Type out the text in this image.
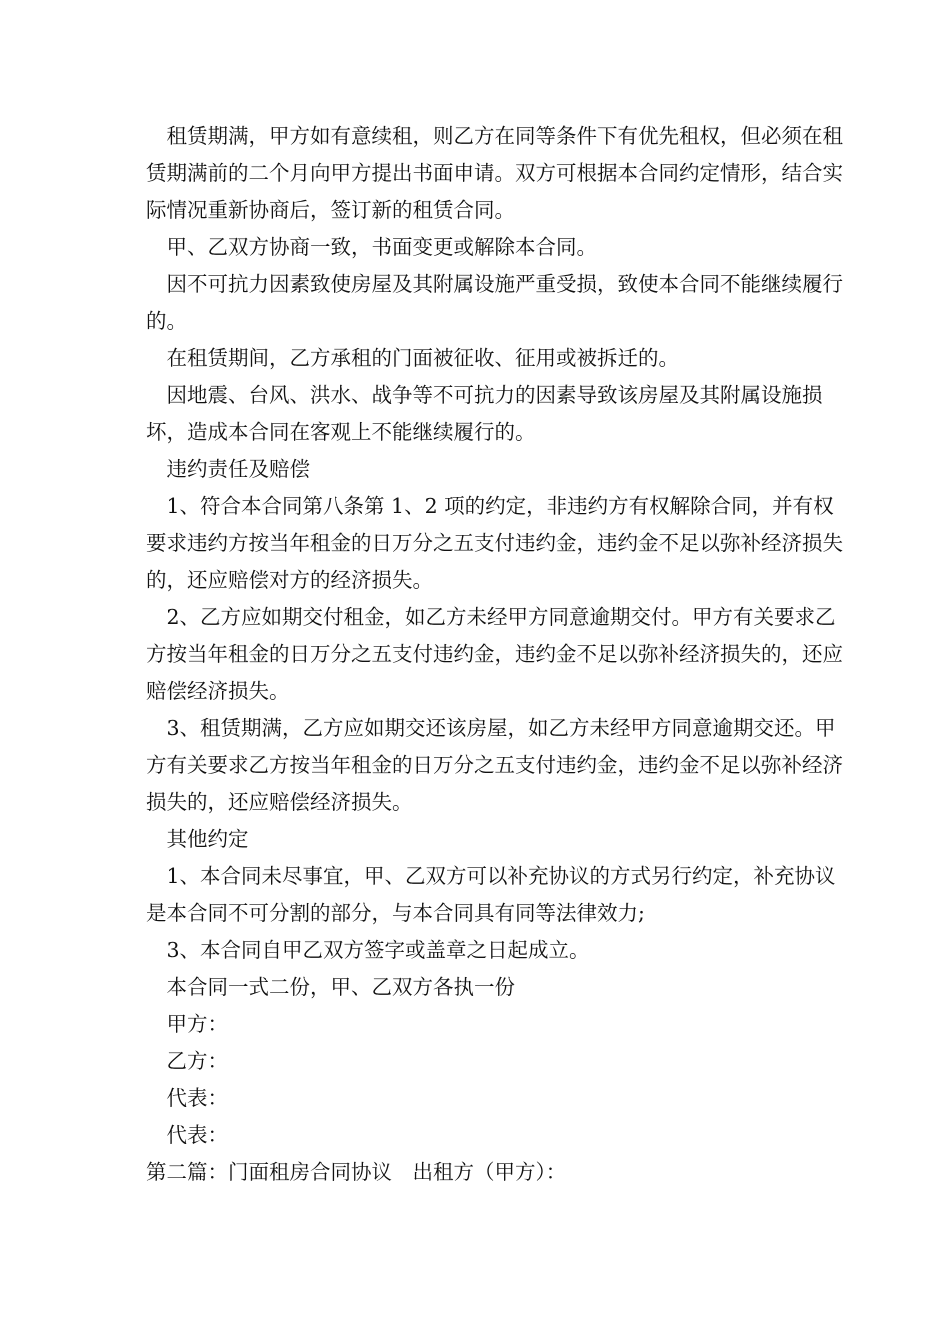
租赁期满，甲方如有意续租，则乙方在同等条件下有优先租权，但必须在租赁期满前的二个月向甲方提出书面申请。双方可根据本合同约定情形，结合实际情况重新协商后，签订新的租赁合同。

甲、乙双方协商一致，书面变更或解除本合同。

因不可抗力因素致使房屋及其附属设施严重受损，致使本合同不能继续履行的。

在租赁期间，乙方承租的门面被征收、征用或被拆迁的。

因地震、台风、洪水、战争等不可抗力的因素导致该房屋及其附属设施损坏，造成本合同在客观上不能继续履行的。

违约责任及赔偿

1、符合本合同第八条第 1、2 项的约定，非违约方有权解除合同，并有权要求违约方按当年租金的日万分之五支付违约金，违约金不足以弥补经济损失的，还应赔偿对方的经济损失。

2、乙方应如期交付租金，如乙方未经甲方同意逾期交付。甲方有关要求乙方按当年租金的日万分之五支付违约金，违约金不足以弥补经济损失的，还应赔偿经济损失。

3、租赁期满，乙方应如期交还该房屋，如乙方未经甲方同意逾期交还。甲方有关要求乙方按当年租金的日万分之五支付违约金，违约金不足以弥补经济损失的，还应赔偿经济损失。

其他约定

1、本合同未尽事宜，甲、乙双方可以补充协议的方式另行约定，补充协议是本合同不可分割的部分，与本合同具有同等法律效力;

3、本合同自甲乙双方签字或盖章之日起成立。

本合同一式二份，甲、乙双方各执一份

甲方：

乙方：

代表：

代表：

第二篇：门面租房合同协议　出租方（甲方）：
